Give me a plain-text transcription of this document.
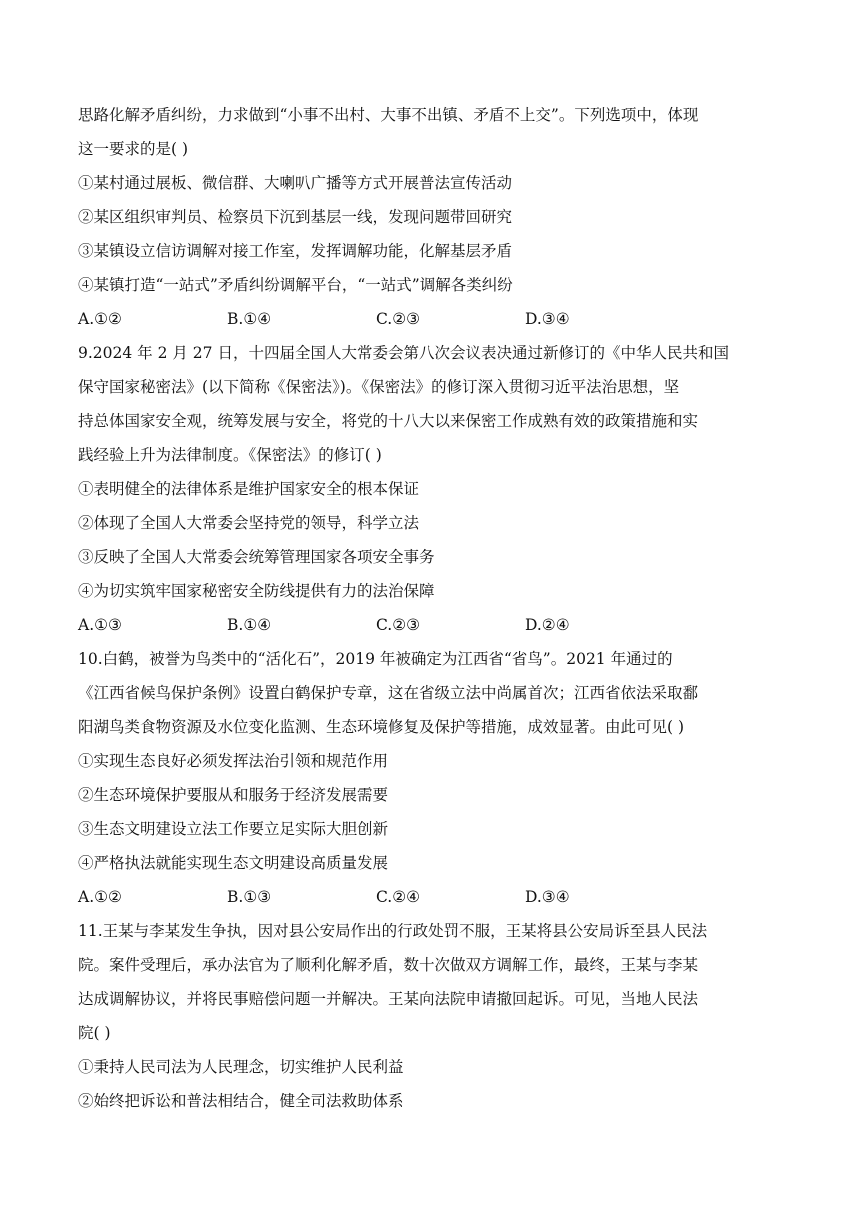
思路化解矛盾纠纷，力求做到“小事不出村、大事不出镇、矛盾不上交”。下列选项中，体现
这一要求的是( )
①某村通过展板、微信群、大喇叭广播等方式开展普法宣传活动
②某区组织审判员、检察员下沉到基层一线，发现问题带回研究
③某镇设立信访调解对接工作室，发挥调解功能，化解基层矛盾
④某镇打造“一站式”矛盾纠纷调解平台，“一站式”调解各类纠纷
A.①②	B.①④	C.②③	D.③④
9.2024 年 2 月 27 日，十四届全国人大常委会第八次会议表决通过新修订的《中华人民共和国
保守国家秘密法》(以下简称《保密法》)。《保密法》的修订深入贯彻习近平法治思想，坚
持总体国家安全观，统筹发展与安全，将党的十八大以来保密工作成熟有效的政策措施和实
践经验上升为法律制度。《保密法》的修订( )
①表明健全的法律体系是维护国家安全的根本保证
②体现了全国人大常委会坚持党的领导，科学立法
③反映了全国人大常委会统筹管理国家各项安全事务
④为切实筑牢国家秘密安全防线提供有力的法治保障
A.①③	B.①④	C.②③	D.②④
10.白鹤，被誉为鸟类中的“活化石”，2019 年被确定为江西省“省鸟”。2021 年通过的
《江西省候鸟保护条例》设置白鹤保护专章，这在省级立法中尚属首次；江西省依法采取鄱
阳湖鸟类食物资源及水位变化监测、生态环境修复及保护等措施，成效显著。由此可见( )
①实现生态良好必须发挥法治引领和规范作用
②生态环境保护要服从和服务于经济发展需要
③生态文明建设立法工作要立足实际大胆创新
④严格执法就能实现生态文明建设高质量发展
A.①②	B.①③	C.②④	D.③④
11.王某与李某发生争执，因对县公安局作出的行政处罚不服，王某将县公安局诉至县人民法
院。案件受理后，承办法官为了顺利化解矛盾，数十次做双方调解工作，最终，王某与李某
达成调解协议，并将民事赔偿问题一并解决。王某向法院申请撤回起诉。可见，当地人民法
院( )
①秉持人民司法为人民理念，切实维护人民利益
②始终把诉讼和普法相结合，健全司法救助体系
